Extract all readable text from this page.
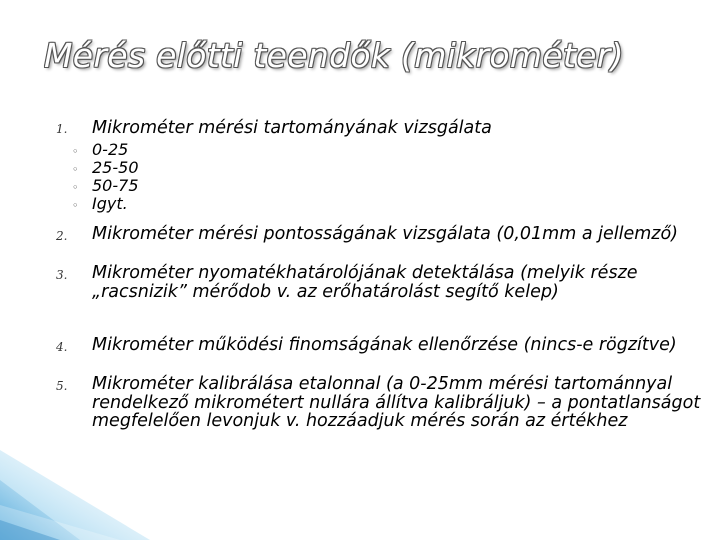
Mérés előtti teendők (mikrométer)
1. Mikrométer mérési tartományának vizsgálata
◦ 0-25
◦ 25-50
◦ 50-75
◦ Igyt.
2. Mikrométer mérési pontosságának vizsgálata (0,01mm a jellemző)
3. Mikrométer nyomatékhatárolójának detektálása (melyik része „racsnizik” mérődob v. az erőhatárolást segítő kelep)
4. Mikrométer működési finomságának ellenőrzése (nincs-e rögzítve)
5. Mikrométer kalibrálása etalonnal (a 0-25mm mérési tartománnyal rendelkező mikrométert nullára állítva kalibráljuk) – a pontatlanságot megfelelően levonjuk v. hozzáadjuk mérés során az értékhez
